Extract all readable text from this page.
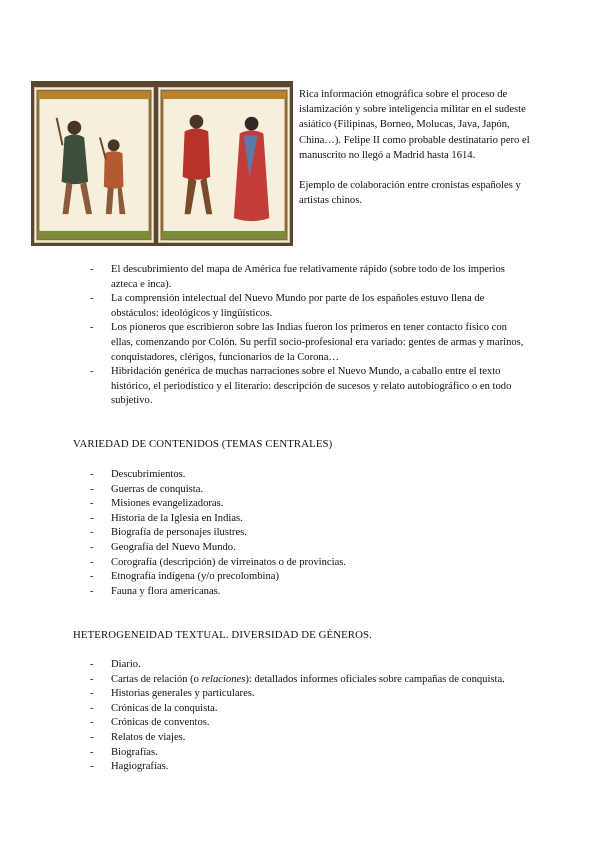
Rica información etnográfica sobre el proceso de islamización y sobre inteligencia militar en el sudeste asiático (Filipinas, Borneo, Molucas, Java, Japón, China…). Felipe II como probable destinatario pero el manuscrito no llegó a Madrid hasta 1614.

Ejemplo de colaboración entre cronistas españoles y artistas chinos.

- El descubrimiento del mapa de América fue relativamente rápido (sobre todo de los imperios azteca e inca).
- La comprensión intelectual del Nuevo Mundo por parte de los españoles estuvo llena de obstáculos: ideológicos y lingüísticos.
- Los pioneros que escribieron sobre las Indias fueron los primeros en tener contacto físico con ellas, comenzando por Colón. Su perfil socio-profesional era variado: gentes de armas y marinos, conquistadores, clérigos, funcionarios de la Corona…
- Hibridación genérica de muchas narraciones sobre el Nuevo Mundo, a caballo entre el texto histórico, el periodístico y el literario: descripción de sucesos y relato autobiográfico o en todo subjetivo.
VARIEDAD DE CONTENIDOS (TEMAS CENTRALES)
- Descubrimientos.
- Guerras de conquista.
- Misiones evangelizadoras.
- Historia de la Iglesia en Indias.
- Biografía de personajes ilustres.
- Geografía del Nuevo Mundo.
- Corografía (descripción) de virreinatos o de provincias.
- Etnografía indígena (y/o precolombina)
- Fauna y flora americanas.
HETEROGENEIDAD TEXTUAL. DIVERSIDAD DE GÉNEROS.
- Diario.
- Cartas de relación (o relaciones): detallados informes oficiales sobre campañas de conquista.
- Historias generales y particulares.
- Crónicas de la conquista.
- Crónicas de conventos.
- Relatos de viajes.
- Biografías.
- Hagiografías.
